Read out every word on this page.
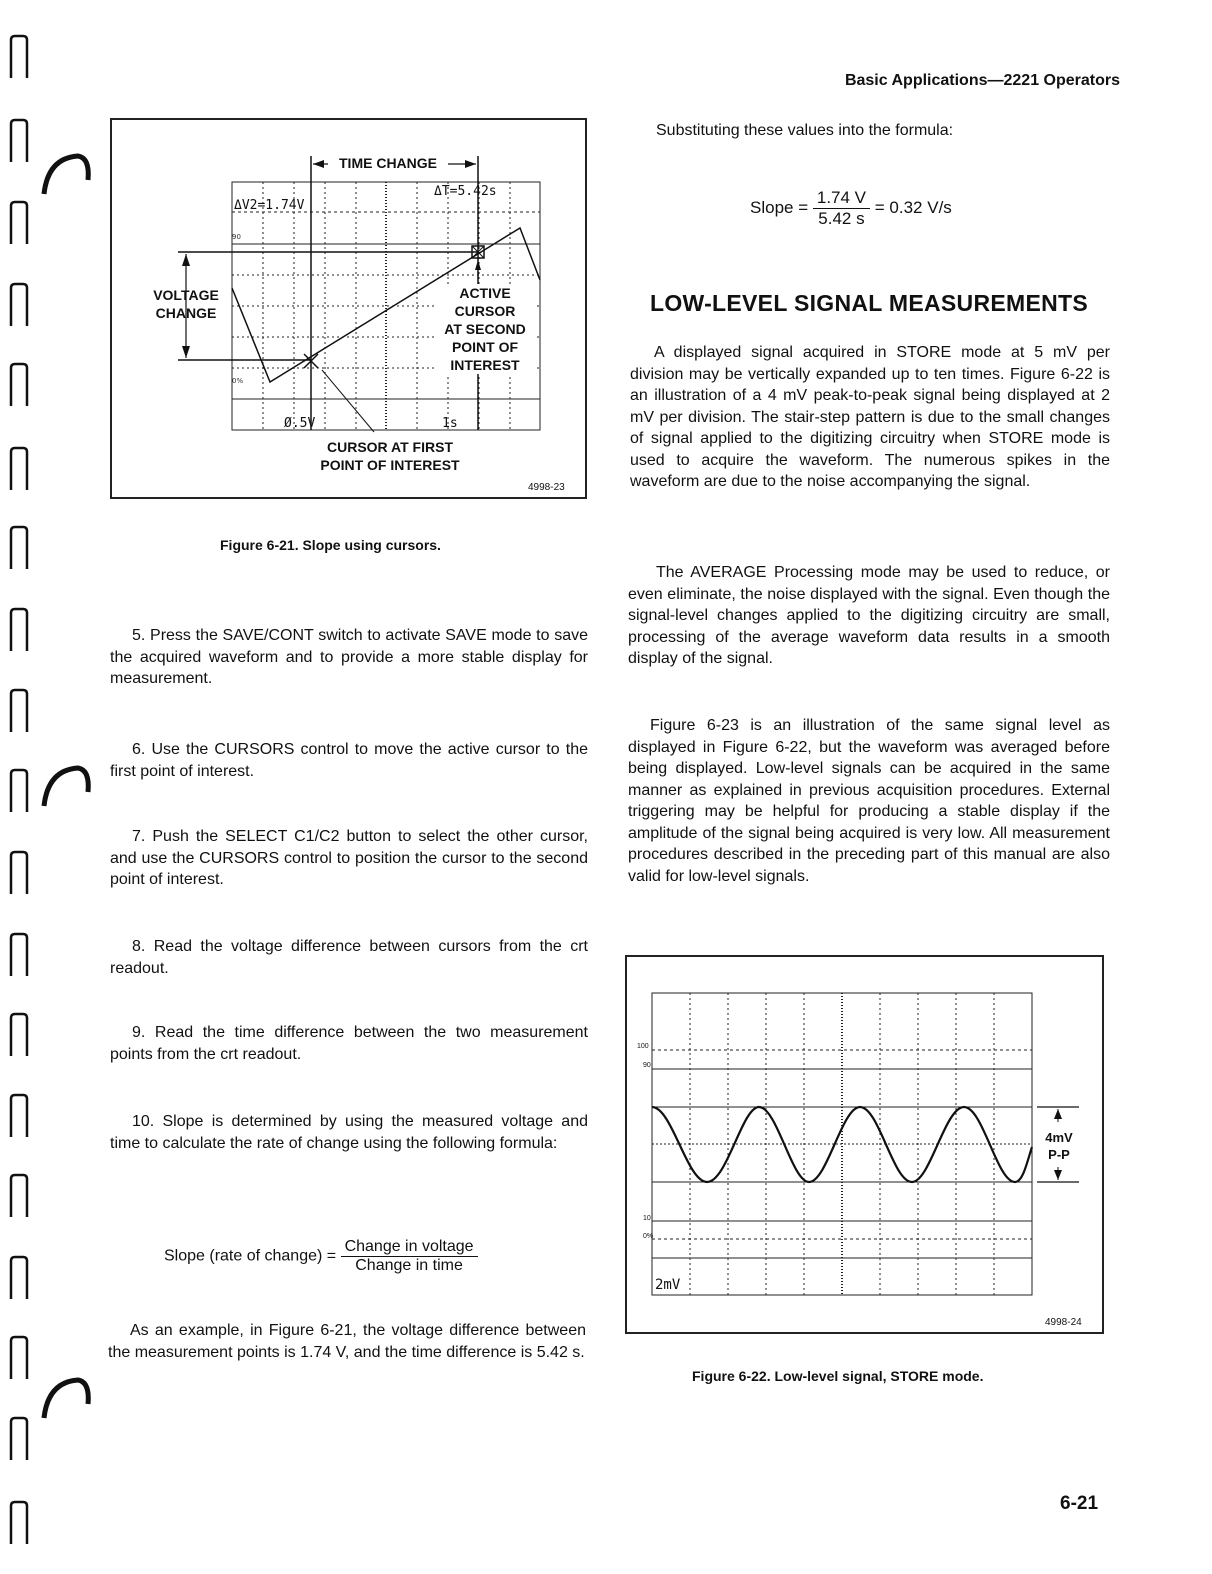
Basic Applications—2221 Operators
90
0%
TIME CHANGE
ΔV2=1.74V
ΔT=5.42s
Ø.5V	1s
VOLTAGE
CHANGE
ACTIVE
CURSOR
AT SECOND
POINT OF
INTEREST
CURSOR AT FIRST
POINT OF INTEREST
4998-23
Figure 6-21. Slope using cursors.
5. Press the SAVE/CONT switch to activate SAVE mode to save the acquired waveform and to provide a more stable display for measurement.
6. Use the CURSORS control to move the active cursor to the first point of interest.
7. Push the SELECT C1/C2 button to select the other cursor, and use the CURSORS control to position the cursor to the second point of interest.
8. Read the voltage difference between cursors from the crt readout.
9. Read the time difference between the two measurement points from the crt readout.
10. Slope is determined by using the measured voltage and time to calculate the rate of change using the following formula:
Slope (rate of change) = $\frac{\text{Change in voltage}}{\text{Change in time}}$
As an example, in Figure 6-21, the voltage difference between the measurement points is 1.74 V, and the time difference is 5.42 s.
Substituting these values into the formula:
Slope = $\frac{1.74 V}{5.42 s} = 0.32$ V/s
LOW-LEVEL SIGNAL MEASUREMENTS
A displayed signal acquired in STORE mode at 5 mV per division may be vertically expanded up to ten times. Figure 6-22 is an illustration of a 4 mV peak-to-peak signal being displayed at 2 mV per division. The stair-step pattern is due to the small changes of signal applied to the digitizing circuitry when STORE mode is used to acquire the waveform. The numerous spikes in the waveform are due to the noise accompanying the signal.
The AVERAGE Processing mode may be used to reduce, or even eliminate, the noise displayed with the signal. Even though the signal-level changes applied to the digitizing circuitry are small, processing of the average waveform data results in a smooth display of the signal.
Figure 6-23 is an illustration of the same signal level as displayed in Figure 6-22, but the waveform was averaged before being displayed. Low-level signals can be acquired in the same manner as explained in previous acquisition procedures. External triggering may be helpful for producing a stable display if the amplitude of the signal being acquired is very low. All measurement procedures described in the preceding part of this manual are also valid for low-level signals.
100
90
10
0%
4mV
P-P
2mV
4998-24
Figure 6-22. Low-level signal, STORE mode.
6-21
